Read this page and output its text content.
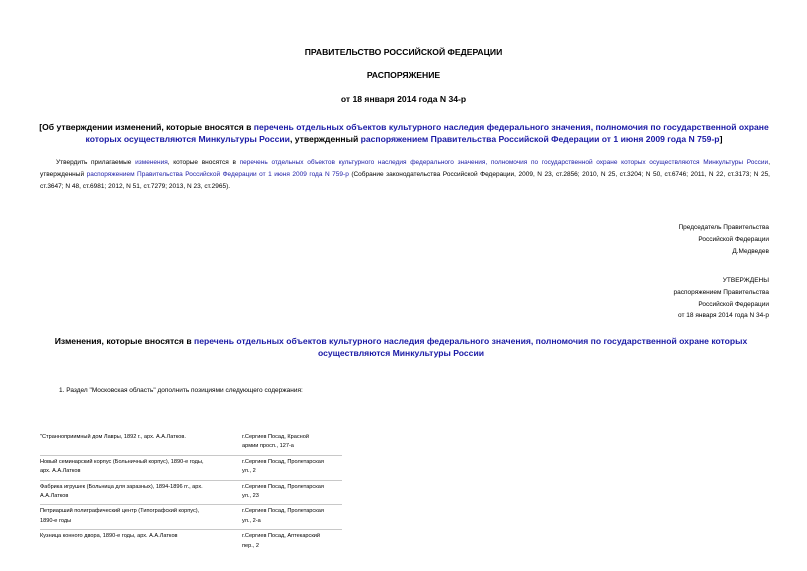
ПРАВИТЕЛЬСТВО РОССИЙСКОЙ ФЕДЕРАЦИИ
РАСПОРЯЖЕНИЕ
от 18 января 2014 года N 34-р
[Об утверждении изменений, которые вносятся в перечень отдельных объектов культурного наследия федерального значения, полномочия по государственной охране которых осуществляются Минкультуры России, утвержденный распоряжением Правительства Российской Федерации от 1 июня 2009 года N 759-р]
Утвердить прилагаемые изменения, которые вносятся в перечень отдельных объектов культурного наследия федерального значения, полномочия по государственной охране которых осуществляются Минкультуры России, утвержденный распоряжением Правительства Российской Федерации от 1 июня 2009 года N 759-р (Собрание законодательства Российской Федерации, 2009, N 23, ст.2856; 2010, N 25, ст.3204; N 50, ст.6746; 2011, N 22, ст.3173; N 25, ст.3647; N 48, ст.6981; 2012, N 51, ст.7279; 2013, N 23, ст.2965).
Председатель Правительства
Российской Федерации
Д.Медведев
УТВЕРЖДЕНЫ
распоряжением Правительства
Российской Федерации
от 18 января 2014 года N 34-р
Изменения, которые вносятся в перечень отдельных объектов культурного наследия федерального значения, полномочия по государственной охране которых осуществляются Минкультуры России
1. Раздел "Московская область" дополнить позициями следующего содержания:
"Странноприимный дом Лавры, 1892 г., арх. А.А.Латков.	г.Сергиев Посад, Красной
армии просп., 127-а

Новый семинарский корпус (Больничный корпус), 1890-е годы,
арх. А.А.Латков	г.Сергиев Посад, Пролетарская
ул., 2

Фабрика игрушек (Больница для заразных), 1894-1896 гг., арх.
А.А.Латков	г.Сергиев Посад, Пролетарская
ул., 23

Петриарший полиграфический центр (Типографский корпус),
1890-е годы	г.Сергиев Посад, Пролетарская
ул., 2-а

Кузница конного двора, 1890-е годы, арх. А.А.Латков	г.Сергиев Посад, Аптекарский
пер., 2
